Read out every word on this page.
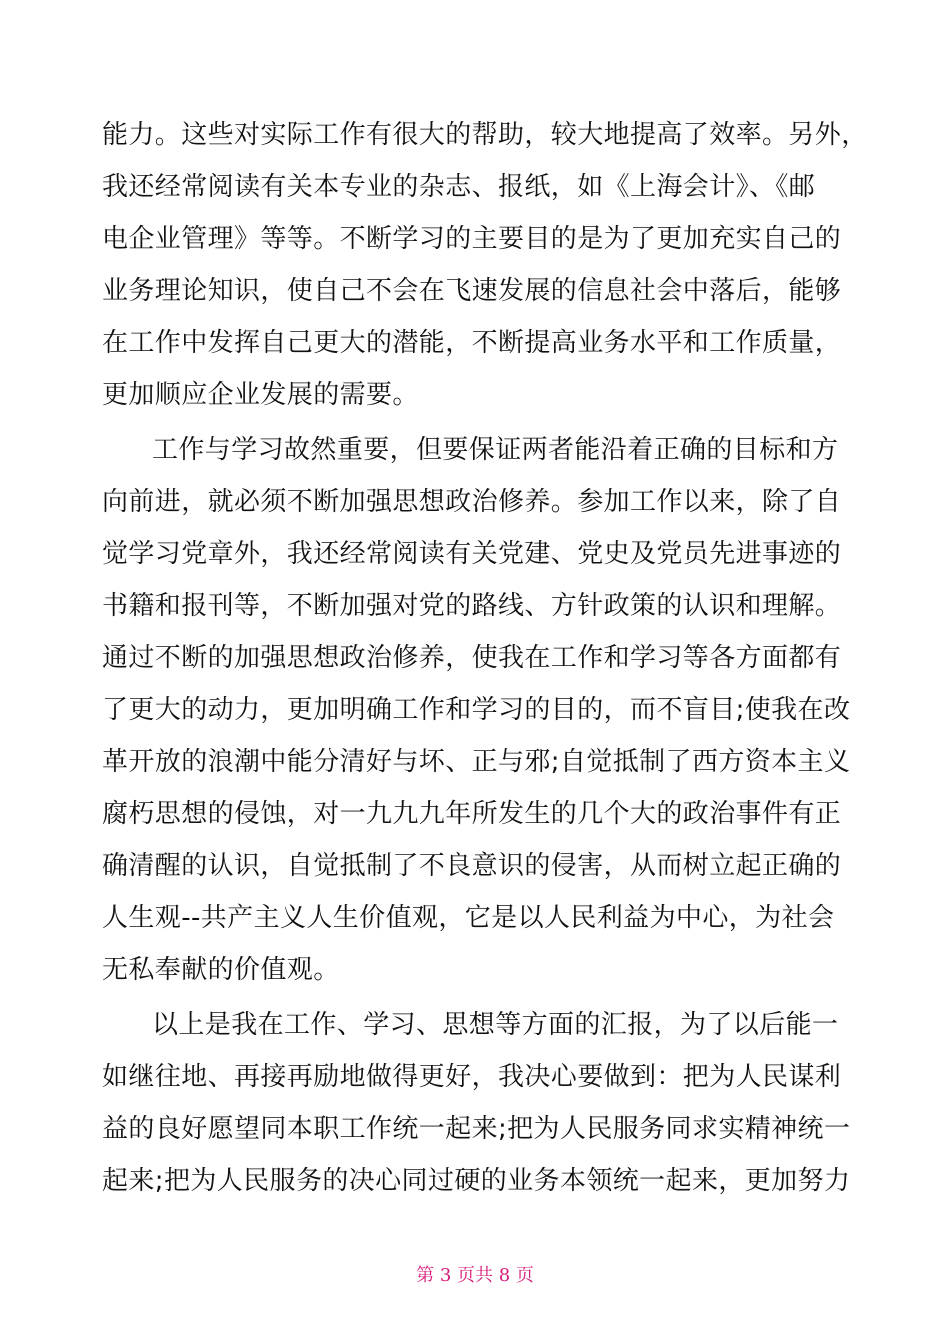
能力。这些对实际工作有很大的帮助，较大地提高了效率。另外，
我还经常阅读有关本专业的杂志、报纸，如《上海会计》、《邮
电企业管理》等等。不断学习的主要目的是为了更加充实自己的
业务理论知识，使自己不会在飞速发展的信息社会中落后，能够
在工作中发挥自己更大的潜能，不断提高业务水平和工作质量，
更加顺应企业发展的需要。
工作与学习故然重要，但要保证两者能沿着正确的目标和方
向前进，就必须不断加强思想政治修养。参加工作以来，除了自
觉学习党章外，我还经常阅读有关党建、党史及党员先进事迹的
书籍和报刊等，不断加强对党的路线、方针政策的认识和理解。
通过不断的加强思想政治修养，使我在工作和学习等各方面都有
了更大的动力，更加明确工作和学习的目的，而不盲目;使我在改
革开放的浪潮中能分清好与坏、正与邪;自觉抵制了西方资本主义
腐朽思想的侵蚀，对一九九九年所发生的几个大的政治事件有正
确清醒的认识，自觉抵制了不良意识的侵害，从而树立起正确的
人生观--共产主义人生价值观，它是以人民利益为中心，为社会
无私奉献的价值观。
以上是我在工作、学习、思想等方面的汇报，为了以后能一
如继往地、再接再励地做得更好，我决心要做到：把为人民谋利
益的良好愿望同本职工作统一起来;把为人民服务同求实精神统一
起来;把为人民服务的决心同过硬的业务本领统一起来，更加努力
第 3 页共 8 页
